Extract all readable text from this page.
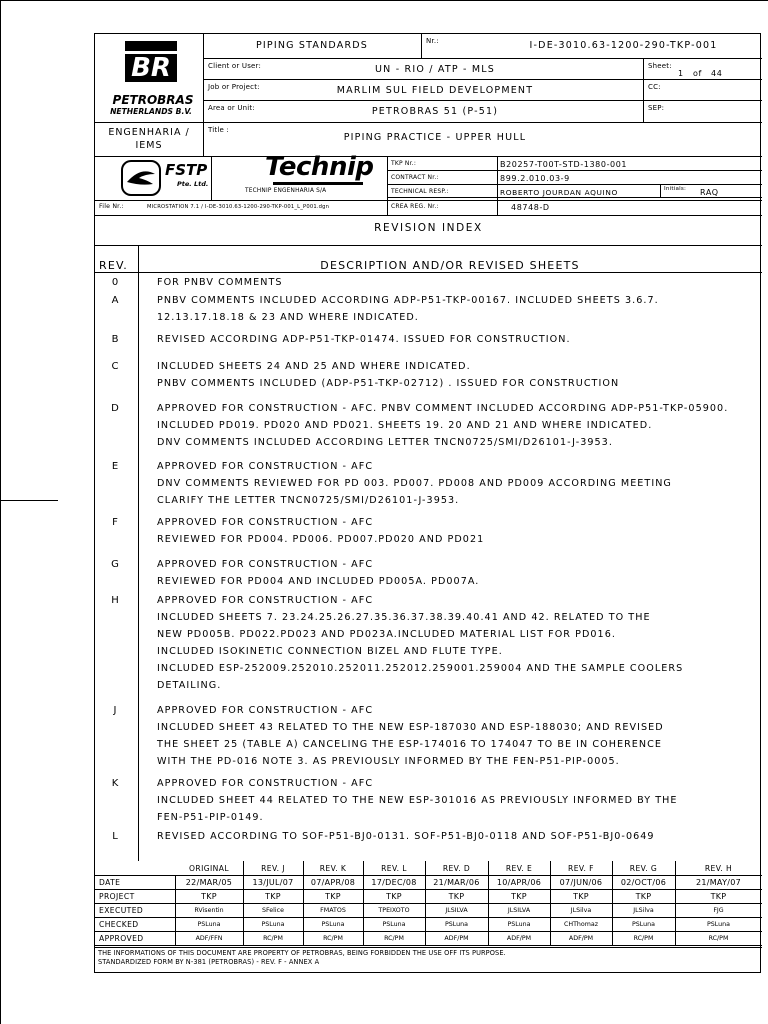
BR
PETROBRAS
NETHERLANDS B.V.
PIPING STANDARDS	Nr.:	I-DE-3010.63-1200-290-TKP-001
Client or User:	UN - RIO / ATP - MLS	Sheet:
1 of 44
Job or Project:	MARLIM SUL FIELD DEVELOPMENT	CC:
Area or Unit:	PETROBRAS 51 (P-51)	SEP:
ENGENHARIA / IEMS
Title :
PIPING PRACTICE - UPPER HULL
FSTP
Pte. Ltd.
Technip
TECHNIP ENGENHARIA S/A
TKP Nr.:	B20257-T00T-STD-1380-001
CONTRACT Nr.:	899.2.010.03-9
TECHNICAL RESP.:	ROBERTO JOURDAN AQUINO	Initials: RAQ
CREA REG. Nr.:	48748-D
File Nr.:	MICROSTATION 7.1 / I-DE-3010.63-1200-290-TKP-001_L_P001.dgn
REVISION INDEX
REV.	DESCRIPTION AND/OR REVISED SHEETS
0	FOR PNBV COMMENTS
A	PNBV COMMENTS INCLUDED ACCORDING ADP-P51-TKP-00167. INCLUDED SHEETS 3.6.7.
12.13.17.18.18 & 23 AND WHERE INDICATED.
B	REVISED ACCORDING ADP-P51-TKP-01474. ISSUED FOR CONSTRUCTION.
C	INCLUDED SHEETS 24 AND 25 AND WHERE INDICATED.
PNBV COMMENTS INCLUDED (ADP-P51-TKP-02712) . ISSUED FOR CONSTRUCTION
D	APPROVED FOR CONSTRUCTION - AFC. PNBV COMMENT INCLUDED ACCORDING ADP-P51-TKP-05900.
INCLUDED PD019. PD020 AND PD021. SHEETS 19. 20 AND 21 AND WHERE INDICATED.
DNV COMMENTS INCLUDED ACCORDING LETTER TNCN0725/SMI/D26101-J-3953.
E	APPROVED FOR CONSTRUCTION - AFC
DNV COMMENTS REVIEWED FOR PD 003. PD007. PD008 AND PD009 ACCORDING MEETING
CLARIFY THE LETTER TNCN0725/SMI/D26101-J-3953.
F	APPROVED FOR CONSTRUCTION - AFC
REVIEWED FOR PD004. PD006. PD007.PD020 AND PD021
G	APPROVED FOR CONSTRUCTION - AFC
REVIEWED FOR PD004 AND INCLUDED PD005A. PD007A.
H	APPROVED FOR CONSTRUCTION - AFC
INCLUDED SHEETS 7. 23.24.25.26.27.35.36.37.38.39.40.41 AND 42. RELATED TO THE
NEW PD005B. PD022.PD023 AND PD023A.INCLUDED MATERIAL LIST FOR PD016.
INCLUDED ISOKINETIC CONNECTION BIZEL AND FLUTE TYPE.
INCLUDED ESP-252009.252010.252011.252012.259001.259004 AND THE SAMPLE COOLERS
DETAILING.
J	APPROVED FOR CONSTRUCTION - AFC
INCLUDED SHEET 43 RELATED TO THE NEW ESP-187030 AND ESP-188030; AND REVISED
THE SHEET 25 (TABLE A) CANCELING THE ESP-174016 TO 174047 TO BE IN COHERENCE
WITH THE PD-016 NOTE 3. AS PREVIOUSLY INFORMED BY THE FEN-P51-PIP-0005.
K	APPROVED FOR CONSTRUCTION - AFC
INCLUDED SHEET 44 RELATED TO THE NEW ESP-301016 AS PREVIOUSLY INFORMED BY THE
FEN-P51-PIP-0149.
L	REVISED ACCORDING TO SOF-P51-BJ0-0131. SOF-P51-BJ0-0118 AND SOF-P51-BJ0-0649
ORIGINAL	REV. J	REV. K	REV. L	REV. D	REV. E	REV. F	REV. G	REV. H
DATE	22/MAR/05	13/JUL/07	07/APR/08	17/DEC/08	21/MAR/06	10/APR/06	07/JUN/06	02/OCT/06	21/MAY/07
PROJECT	TKP	TKP	TKP	TKP	TKP	TKP	TKP	TKP	TKP
EXECUTED	RVisentin	SFelice	FMATOS	TPEIXOTO	JLSILVA	JLSILVA	JLSilva	JLSilva	FJG
CHECKED	PSLuna	PSLuna	PSLuna	PSLuna	PSLuna	PSLuna	CHThomaz	PSLuna	PSLuna
APPROVED	ADF/FFN	RC/PM	RC/PM	RC/PM	ADF/PM	ADF/PM	ADF/PM	RC/PM	RC/PM
THE INFORMATIONS OF THIS DOCUMENT ARE PROPERTY OF PETROBRAS, BEING FORBIDDEN THE USE OFF ITS PURPOSE.
STANDARDIZED FORM BY N-381 (PETROBRAS) - REV. F - ANNEX A
